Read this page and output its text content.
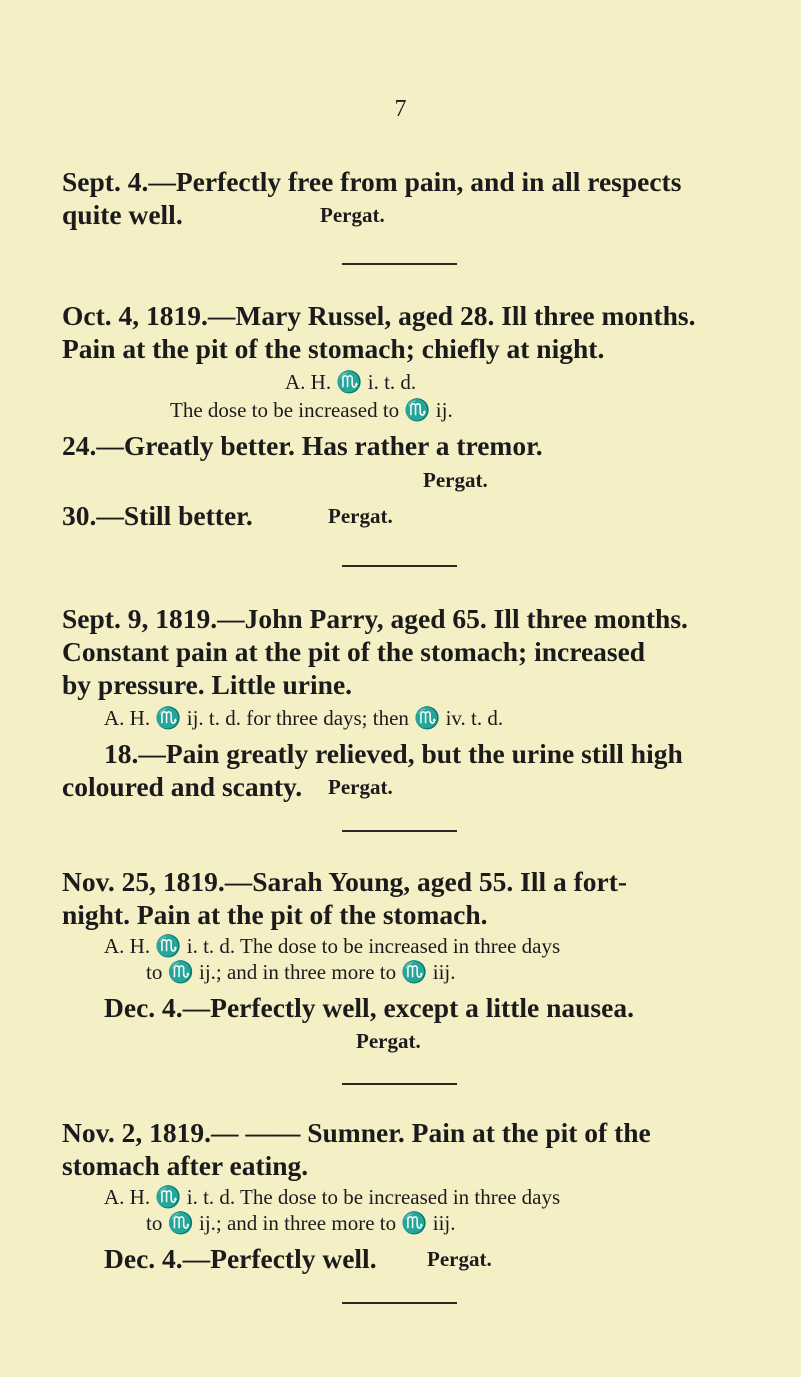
7
Sept. 4.—Perfectly free from pain, and in all respects
quite well.	Pergat.
Oct. 4, 1819.—Mary Russel, aged 28. Ill three months.
Pain at the pit of the stomach; chiefly at night.
A. H. ♏ i. t. d.
The dose to be increased to ♏ ij.
24.—Greatly better. Has rather a tremor.
Pergat.
30.—Still better.	Pergat.
Sept. 9, 1819.—John Parry, aged 65. Ill three months.
Constant pain at the pit of the stomach; increased
by pressure. Little urine.
A. H. ♏ ij. t. d. for three days; then ♏ iv. t. d.
18.—Pain greatly relieved, but the urine still high
coloured and scanty. Pergat.
Nov. 25, 1819.—Sarah Young, aged 55. Ill a fort-
night. Pain at the pit of the stomach.
A. H. ♏ i. t. d. The dose to be increased in three days
to ♏ ij.; and in three more to ♏ iij.
Dec. 4.—Perfectly well, except a little nausea.
Pergat.
Nov. 2, 1819.— —— Sumner. Pain at the pit of the
stomach after eating.
A. H. ♏ i. t. d. The dose to be increased in three days
to ♏ ij.; and in three more to ♏ iij.
Dec. 4.—Perfectly well. Pergat.
